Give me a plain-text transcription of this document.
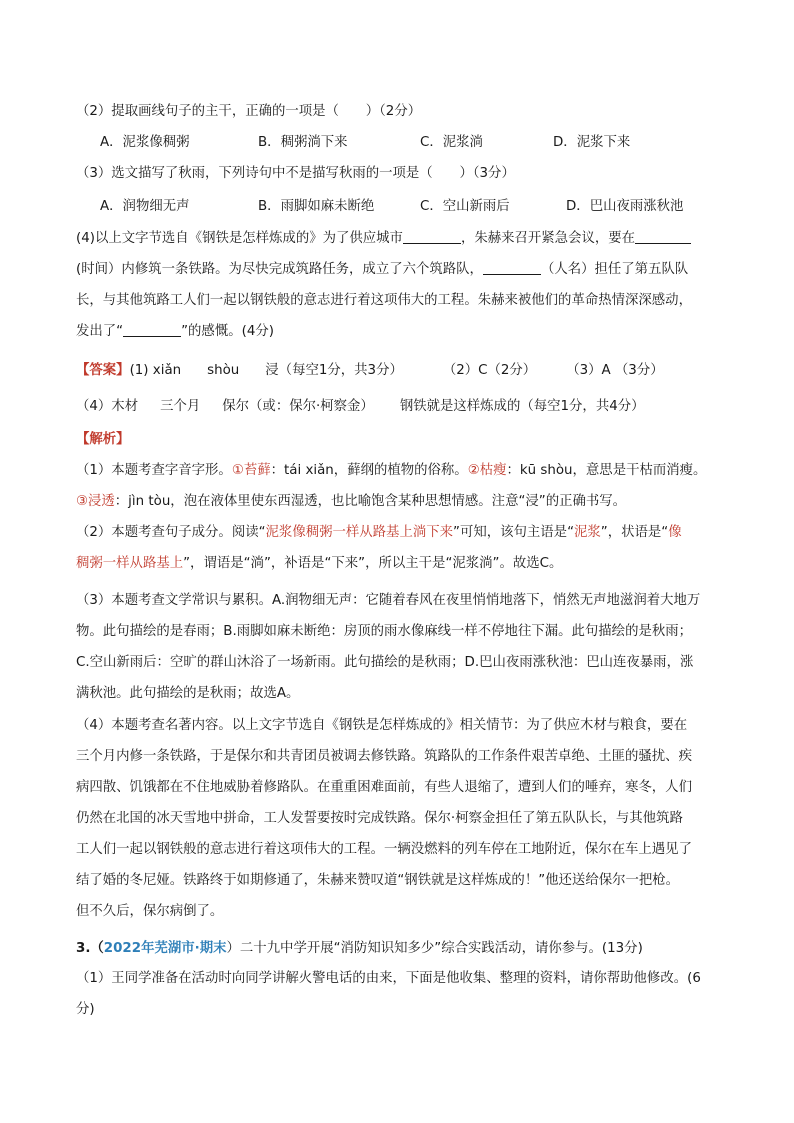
（2）提取画线句子的主干，正确的一项是（　　）（2分）
A．泥浆像稠粥	B．稠粥淌下来	C．泥浆淌	D．泥浆下来
（3）选文描写了秋雨，下列诗句中不是描写秋雨的一项是（　　）（3分）
A．润物细无声	B．雨脚如麻未断绝	C．空山新雨后	D．巴山夜雨涨秋池
(4)以上文字节选自《钢铁是怎样炼成的》为了供应城市	，朱赫来召开紧急会议，要在
(时间）内修筑一条铁路。为尽快完成筑路任务，成立了六个筑路队，	（人名）担任了第五队队
长，与其他筑路工人们一起以钢铁般的意志进行着这项伟大的工程。朱赫来被他们的革命热情深深感动，
发出了“	”的感慨。(4分)
【答案】(1) xiǎn shòu 浸（每空1分，共3分）	（2）C（2分） （3）A （3分）
（4）木材 三个月 保尔（或：保尔·柯察金） 钢铁就是这样炼成的（每空1分，共4分）
【解析】
（1）本题考查字音字形。①苔藓：tái xiǎn，藓纲的植物的俗称。②枯瘦：kū shòu，意思是干枯而消瘦。
③浸透：jìn tòu，泡在液体里使东西湿透，也比喻饱含某种思想情感。注意“浸”的正确书写。
（2）本题考查句子成分。阅读“泥浆像稠粥一样从路基上淌下来”可知，该句主语是“泥浆”，状语是“像
稠粥一样从路基上”，谓语是“淌”，补语是“下来”，所以主干是“泥浆淌”。故选C。
（3）本题考查文学常识与累积。A.润物细无声：它随着春风在夜里悄悄地落下，悄然无声地滋润着大地万
物。此句描绘的是春雨；B.雨脚如麻未断绝：房顶的雨水像麻线一样不停地往下漏。此句描绘的是秋雨；
C.空山新雨后：空旷的群山沐浴了一场新雨。此句描绘的是秋雨；D.巴山夜雨涨秋池：巴山连夜暴雨，涨
满秋池。此句描绘的是秋雨；故选A。
（4）本题考查名著内容。以上文字节选自《钢铁是怎样炼成的》相关情节：为了供应木材与粮食，要在
三个月内修一条铁路，于是保尔和共青团员被调去修铁路。筑路队的工作条件艰苦卓绝、土匪的骚扰、疾
病四散、饥饿都在不住地威胁着修路队。在重重困难面前，有些人退缩了，遭到人们的唾弃，寒冬，人们
仍然在北国的冰天雪地中拼命，工人发誓要按时完成铁路。保尔·柯察金担任了第五队队长，与其他筑路
工人们一起以钢铁般的意志进行着这项伟大的工程。一辆没燃料的列车停在工地附近，保尔在车上遇见了
结了婚的冬尼娅。铁路终于如期修通了，朱赫来赞叹道“钢铁就是这样炼成的！”他还送给保尔一把枪。
但不久后，保尔病倒了。
3.（2022年芜湖市·期末）二十九中学开展“消防知识知多少”综合实践活动，请你参与。(13分)
（1）王同学准备在活动时向同学讲解火警电话的由来，下面是他收集、整理的资料，请你帮助他修改。(6
分)
